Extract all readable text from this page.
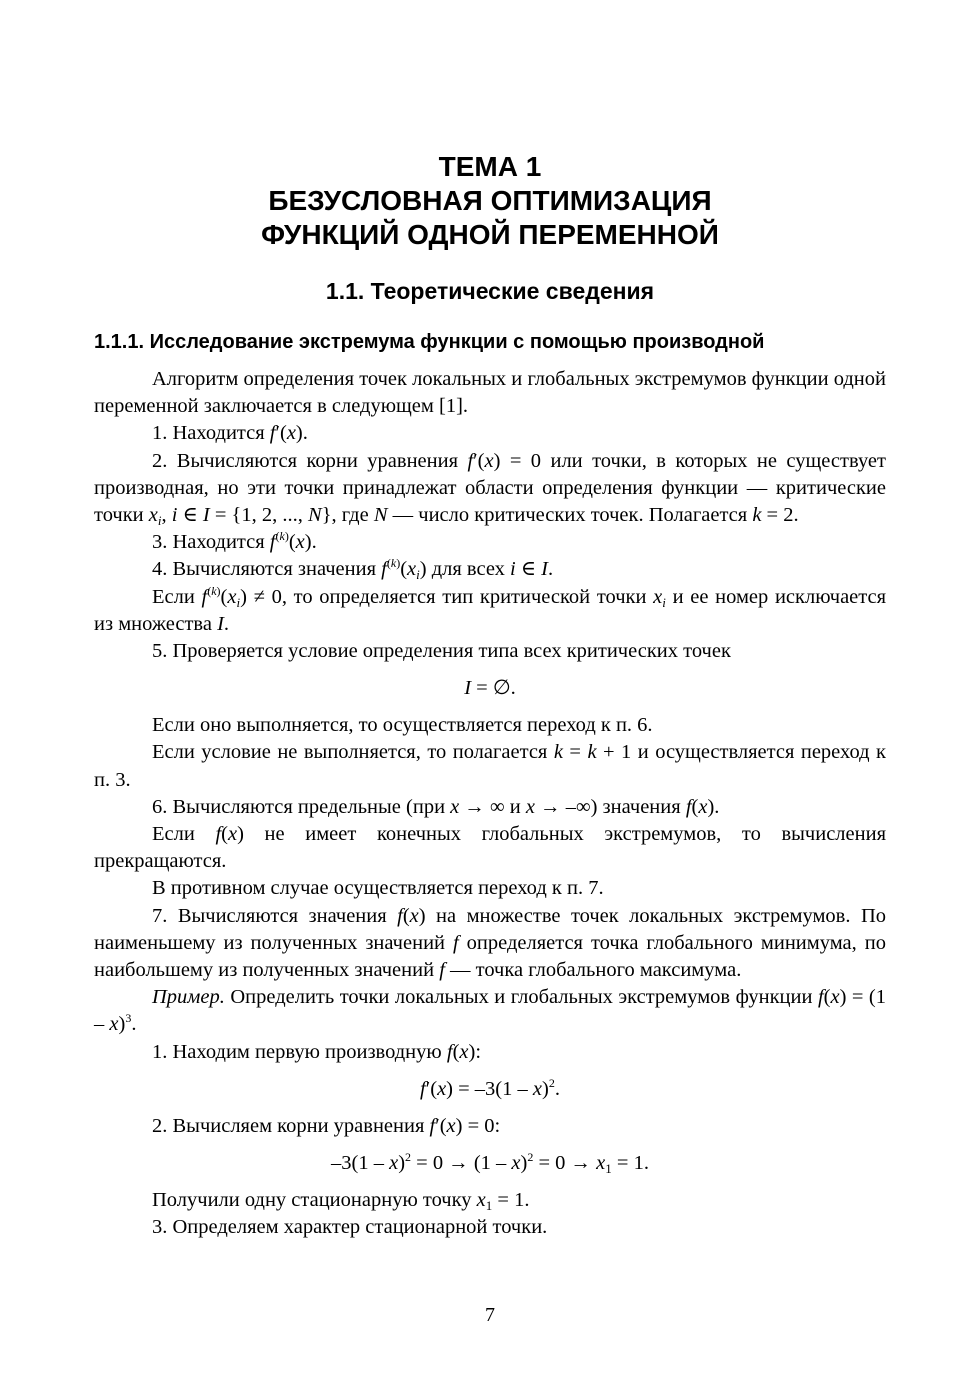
ТЕМА 1
БЕЗУСЛОВНАЯ ОПТИМИЗАЦИЯ
ФУНКЦИЙ ОДНОЙ ПЕРЕМЕННОЙ
1.1. Теоретические сведения
1.1.1. Исследование экстремума функции с помощью производной

Алгоритм определения точек локальных и глобальных экстремумов функции одной переменной заключается в следующем [1].

1. Находится f′(x).

2. Вычисляются корни уравнения f′(x) = 0 или точки, в которых не существует производная, но эти точки принадлежат области определения функции — критические точки $x_i$, i ∈ I = {1, 2, ..., N}, где N — число критических точек. Полагается k = 2.

3. Находится $f^{(k)}(x)$.

4. Вычисляются значения $f^{(k)}(x_i)$ для всех i ∈ I.

Если $f^{(k)}(x_i) \ne 0$, то определяется тип критической точки $x_i$ и ее номер исключается из множества I.

5. Проверяется условие определения типа всех критических точек

I = ∅.

Если оно выполняется, то осуществляется переход к п. 6.

Если условие не выполняется, то полагается k = k + 1 и осуществляется переход к п. 3.

6. Вычисляются предельные (при x → ∞ и x → –∞) значения f(x).

Если f(x) не имеет конечных глобальных экстремумов, то вычисления прекращаются.

В противном случае осуществляется переход к п. 7.

7. Вычисляются значения f(x) на множестве точек локальных экстремумов. По наименьшему из полученных значений f определяется точка глобального минимума, по наибольшему из полученных значений f — точка глобального максимума.

Пример. Определить точки локальных и глобальных экстремумов функции f(x) = (1 – x)$^3$.

1. Находим первую производную f(x):

f′(x) = –3(1 – x)$^2$.

2. Вычисляем корни уравнения f′(x) = 0:

$-3(1 - x)^2 = 0 \to (1 - x)^2 = 0 \to x_1 = 1$.

Получили одну стационарную точку $x_1 = 1$.

3. Определяем характер стационарной точки.

7
